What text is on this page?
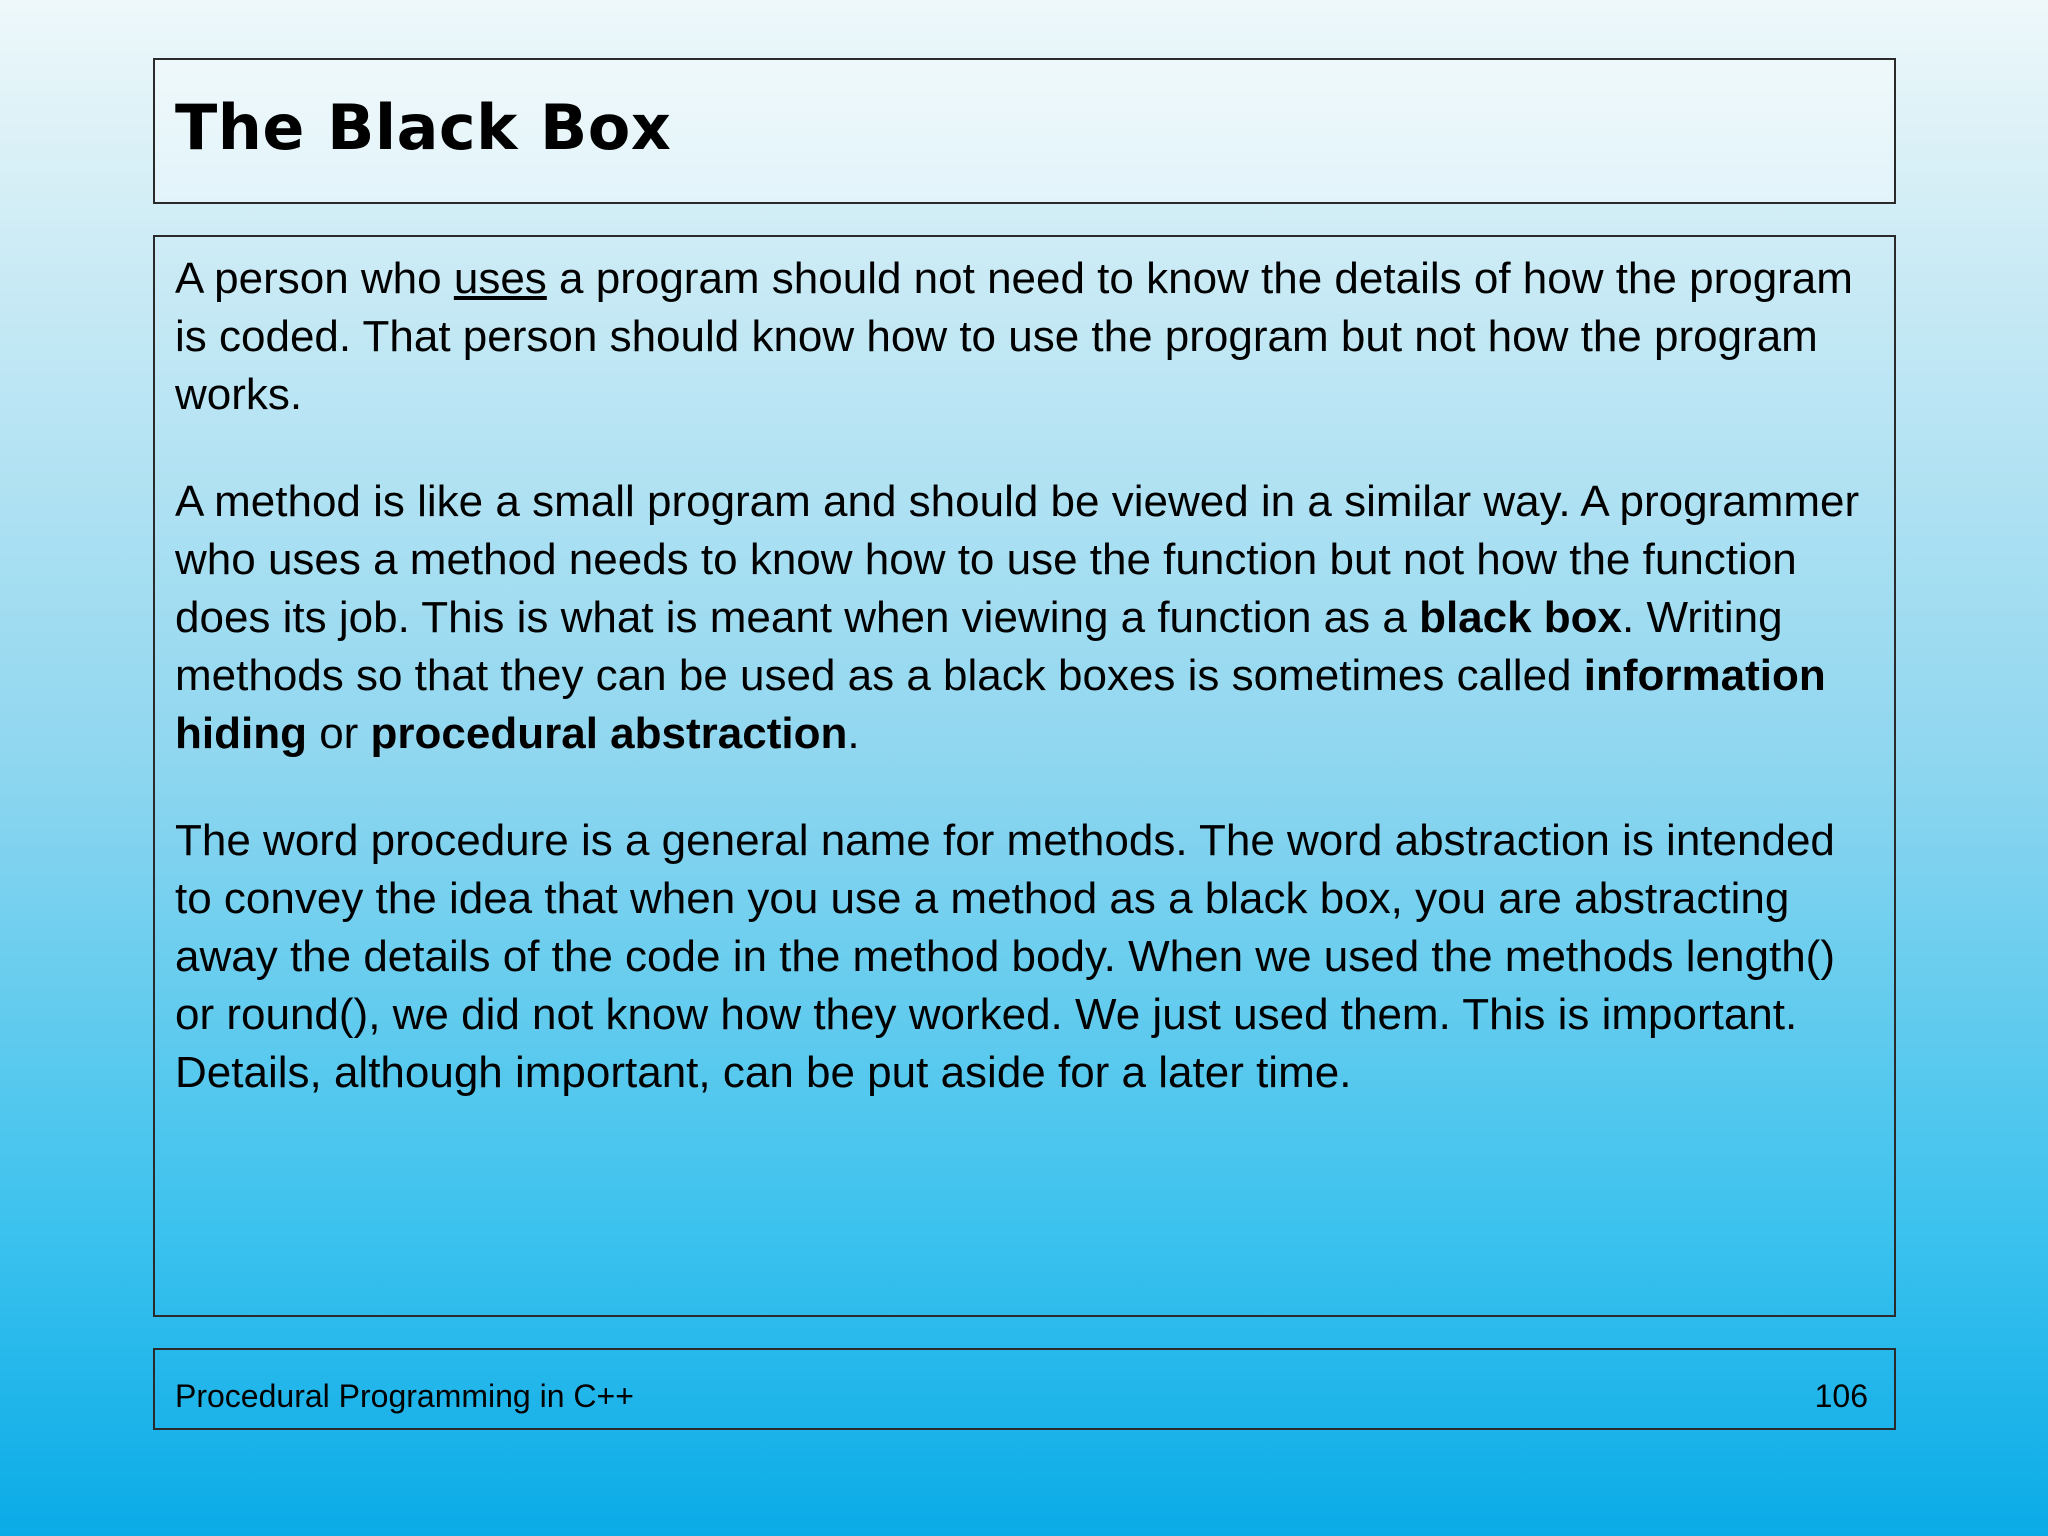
The Black Box

A person who uses a program should not need to know the details of how the program is coded. That person should know how to use the program but not how the program works.

A method is like a small program and should be viewed in a similar way. A programmer who uses a method needs to know how to use the function but not how the function does its job. This is what is meant when viewing a function as a black box. Writing methods so that they can be used as a black boxes is sometimes called information hiding or procedural abstraction.

The word procedure is a general name for methods. The word abstraction is intended to convey the idea that when you use a method as a black box, you are abstracting away the details of the code in the method body. When we used the methods length() or round(), we did not know how they worked. We just used them. This is important. Details, although important, can be put aside for a later time.

Procedural Programming in C++	106
